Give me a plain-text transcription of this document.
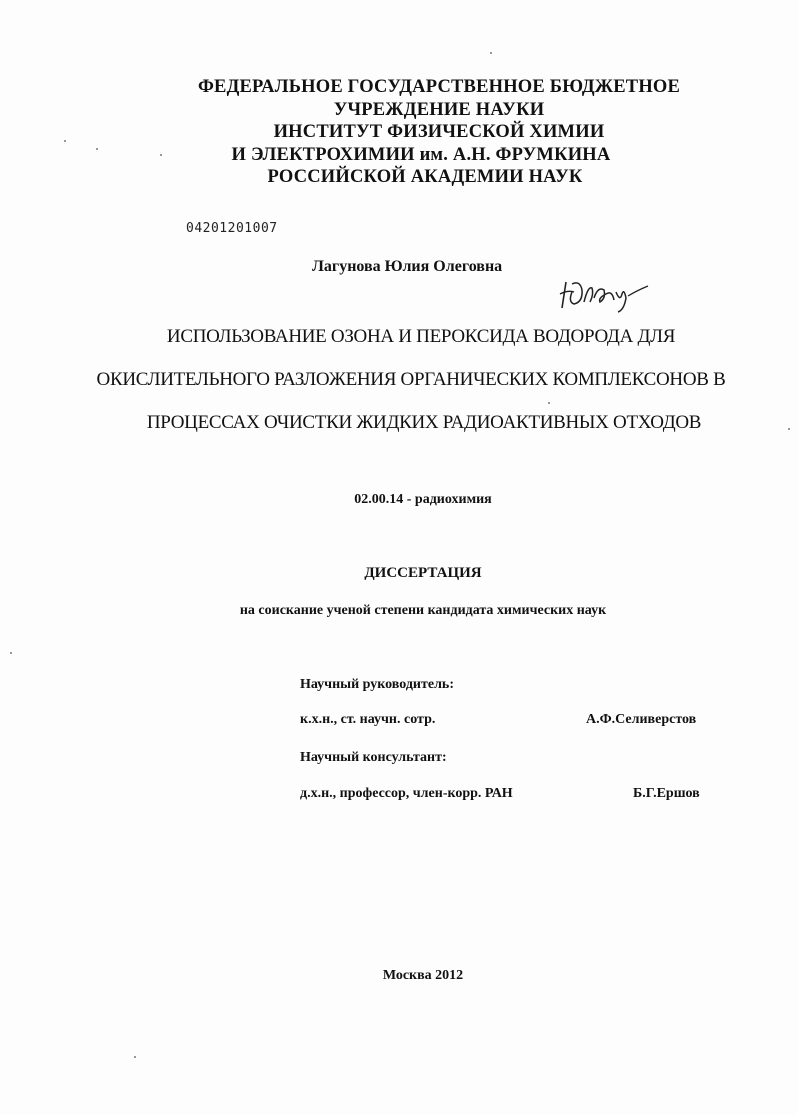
ФЕДЕРАЛЬНОЕ ГОСУДАРСТВЕННОЕ БЮДЖЕТНОЕ
УЧРЕЖДЕНИЕ НАУКИ
ИНСТИТУТ ФИЗИЧЕСКОЙ ХИМИИ
И ЭЛЕКТРОХИМИИ им. А.Н. ФРУМКИНА
РОССИЙСКОЙ АКАДЕМИИ НАУК
04201201007
Лагунова Юлия Олеговна
ИСПОЛЬЗОВАНИЕ ОЗОНА И ПЕРОКСИДА ВОДОРОДА ДЛЯ
ОКИСЛИТЕЛЬНОГО РАЗЛОЖЕНИЯ ОРГАНИЧЕСКИХ КОМПЛЕКСОНОВ В
ПРОЦЕССАХ ОЧИСТКИ ЖИДКИХ РАДИОАКТИВНЫХ ОТХОДОВ
02.00.14 - радиохимия
ДИССЕРТАЦИЯ
на соискание ученой степени кандидата химических наук
Научный руководитель:
к.х.н., ст. научн. сотр.	А.Ф.Селиверстов
Научный консультант:
д.х.н., профессор, член-корр. РАН	Б.Г.Ершов
Москва 2012
